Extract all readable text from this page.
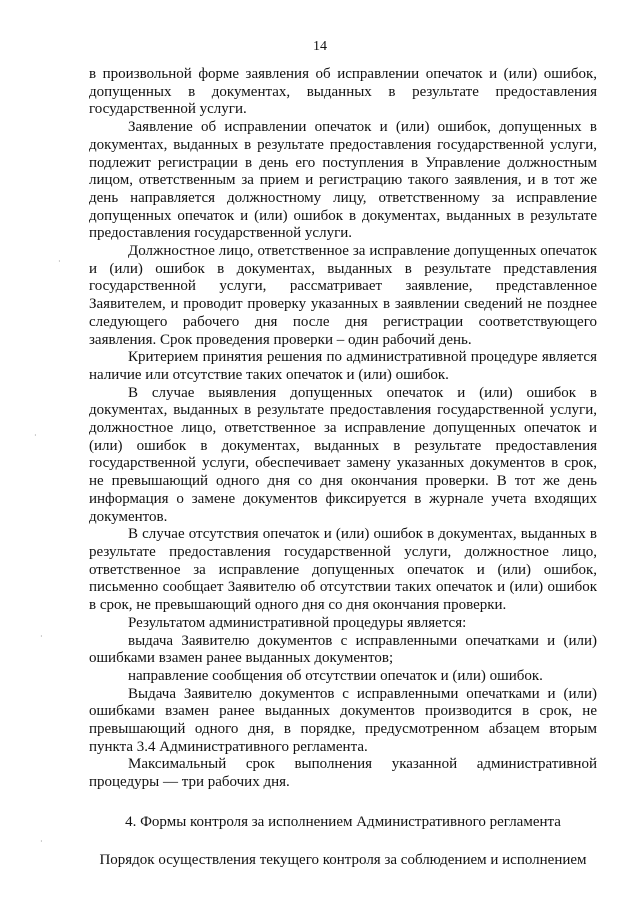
14

в произвольной форме заявления об исправлении опечаток и (или) ошибок, допущенных в документах, выданных в результате предоставления государственной услуги.

Заявление об исправлении опечаток и (или) ошибок, допущенных в документах, выданных в результате предоставления государственной услуги, подлежит регистрации в день его поступления в Управление должностным лицом, ответственным за прием и регистрацию такого заявления, и в тот же день направляется должностному лицу, ответственному за исправление допущенных опечаток и (или) ошибок в документах, выданных в результате предоставления государственной услуги.

Должностное лицо, ответственное за исправление допущенных опечаток и (или) ошибок в документах, выданных в результате представления государственной услуги, рассматривает заявление, представленное Заявителем, и проводит проверку указанных в заявлении сведений не позднее следующего рабочего дня после дня регистрации соответствующего заявления. Срок проведения проверки – один рабочий день.

Критерием принятия решения по административной процедуре является наличие или отсутствие таких опечаток и (или) ошибок.

В случае выявления допущенных опечаток и (или) ошибок в документах, выданных в результате предоставления государственной услуги, должностное лицо, ответственное за исправление допущенных опечаток и (или) ошибок в документах, выданных в результате предоставления государственной услуги, обеспечивает замену указанных документов в срок, не превышающий одного дня со дня окончания проверки. В тот же день информация о замене документов фиксируется в журнале учета входящих документов.

В случае отсутствия опечаток и (или) ошибок в документах, выданных в результате предоставления государственной услуги, должностное лицо, ответственное за исправление допущенных опечаток и (или) ошибок, письменно сообщает Заявителю об отсутствии таких опечаток и (или) ошибок в срок, не превышающий одного дня со дня окончания проверки.

Результатом административной процедуры является:

выдача Заявителю документов с исправленными опечатками и (или) ошибками взамен ранее выданных документов;

направление сообщения об отсутствии опечаток и (или) ошибок.

Выдача Заявителю документов с исправленными опечатками и (или) ошибками взамен ранее выданных документов производится в срок, не превышающий одного дня, в порядке, предусмотренном абзацем вторым пункта 3.4 Административного регламента.

Максимальный срок выполнения указанной административной процедуры — три рабочих дня.

4. Формы контроля за исполнением Административного регламента

Порядок осуществления текущего контроля за соблюдением и исполнением

·
·
·
·
